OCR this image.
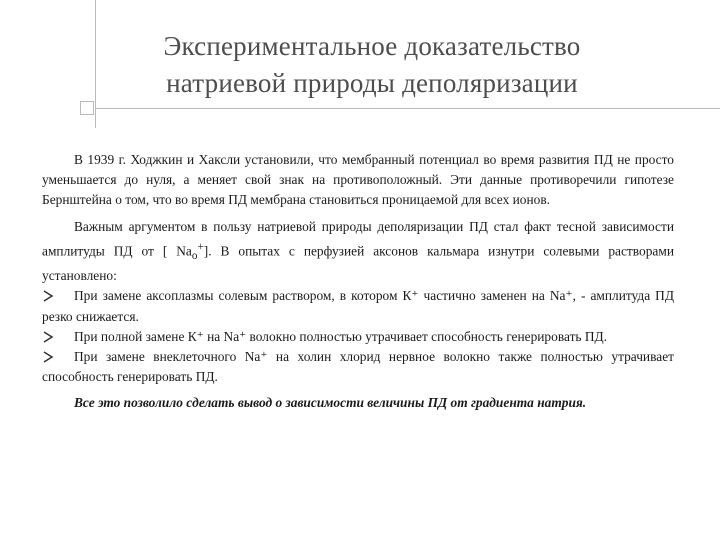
Экспериментальное доказательство
натриевой природы деполяризации

В 1939 г. Ходжкин и Хаксли установили, что мембранный потенциал во время развития ПД не просто уменьшается до нуля, а меняет свой знак на противоположный. Эти данные противоречили гипотезе Бернштейна о том, что во время ПД мембрана становиться проницаемой для всех ионов.

Важным аргументом в пользу натриевой природы деполяризации ПД стал факт тесной зависимости амплитуды ПД от [ $Na_o^+$]. В опытах с перфузией аксонов кальмара изнутри солевыми растворами установлено:

При замене аксоплазмы солевым раствором, в котором К⁺ частично заменен на Na⁺, - амплитуда ПД резко снижается.

При полной замене К⁺ на Na⁺ волокно полностью утрачивает способность генерировать ПД.

При замене внеклеточного Na⁺ на холин хлорид нервное волокно также полностью утрачивает способность генерировать ПД.

Все это позволило сделать вывод о зависимости величины ПД от градиента натрия.
